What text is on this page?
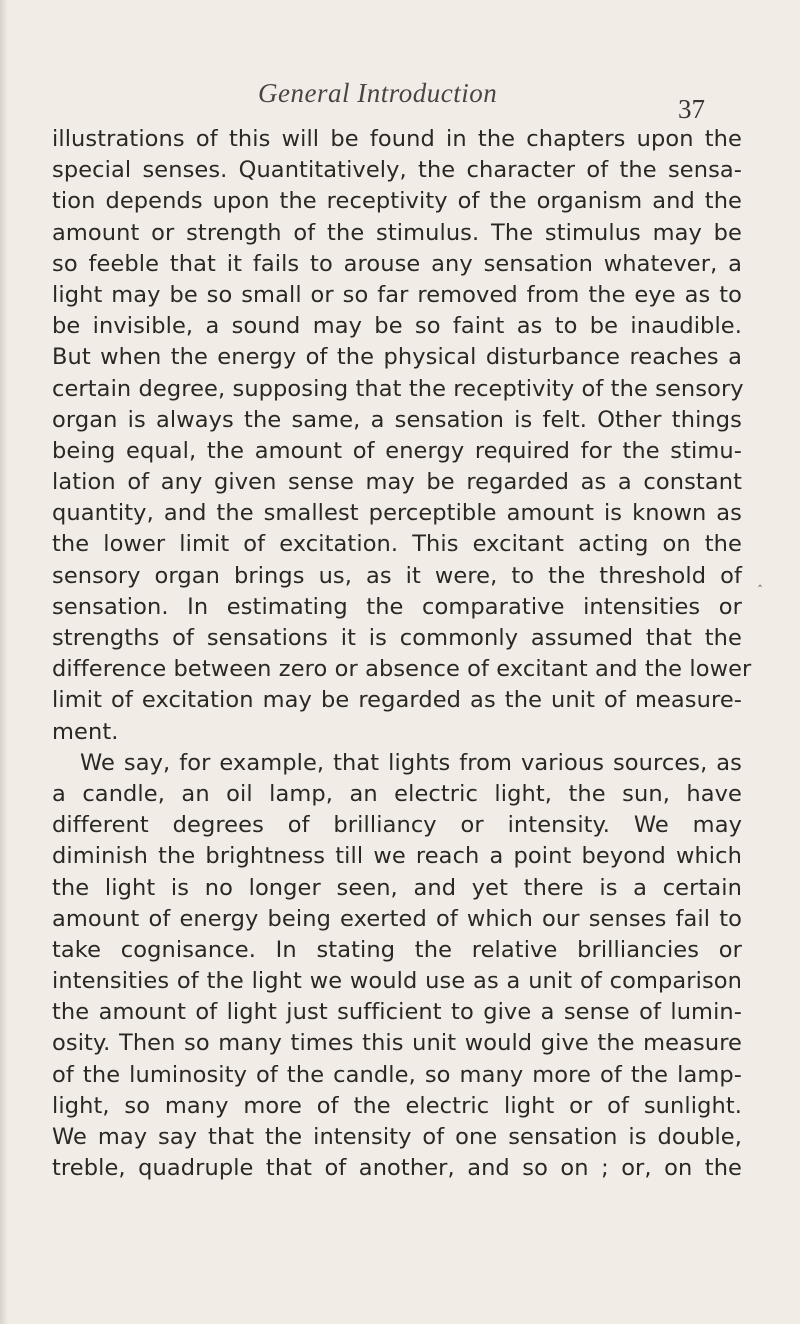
General Introduction
37
illustrations of this will be found in the chapters upon the
special senses. Quantitatively, the character of the sensa-
tion depends upon the receptivity of the organism and the
amount or strength of the stimulus. The stimulus may be
so feeble that it fails to arouse any sensation whatever, a
light may be so small or so far removed from the eye as to
be invisible, a sound may be so faint as to be inaudible.
But when the energy of the physical disturbance reaches a
certain degree, supposing that the receptivity of the sensory
organ is always the same, a sensation is felt. Other things
being equal, the amount of energy required for the stimu-
lation of any given sense may be regarded as a constant
quantity, and the smallest perceptible amount is known as
the lower limit of excitation. This excitant acting on the
sensory organ brings us, as it were, to the threshold of
sensation. In estimating the comparative intensities or
strengths of sensations it is commonly assumed that the
difference between zero or absence of excitant and the lower
limit of excitation may be regarded as the unit of measure-
ment.
We say, for example, that lights from various sources, as
a candle, an oil lamp, an electric light, the sun, have
different degrees of brilliancy or intensity. We may
diminish the brightness till we reach a point beyond which
the light is no longer seen, and yet there is a certain
amount of energy being exerted of which our senses fail to
take cognisance. In stating the relative brilliancies or
intensities of the light we would use as a unit of comparison
the amount of light just sufficient to give a sense of lumin-
osity. Then so many times this unit would give the measure
of the luminosity of the candle, so many more of the lamp-
light, so many more of the electric light or of sunlight.
We may say that the intensity of one sensation is double,
treble, quadruple that of another, and so on ; or, on the
‸
